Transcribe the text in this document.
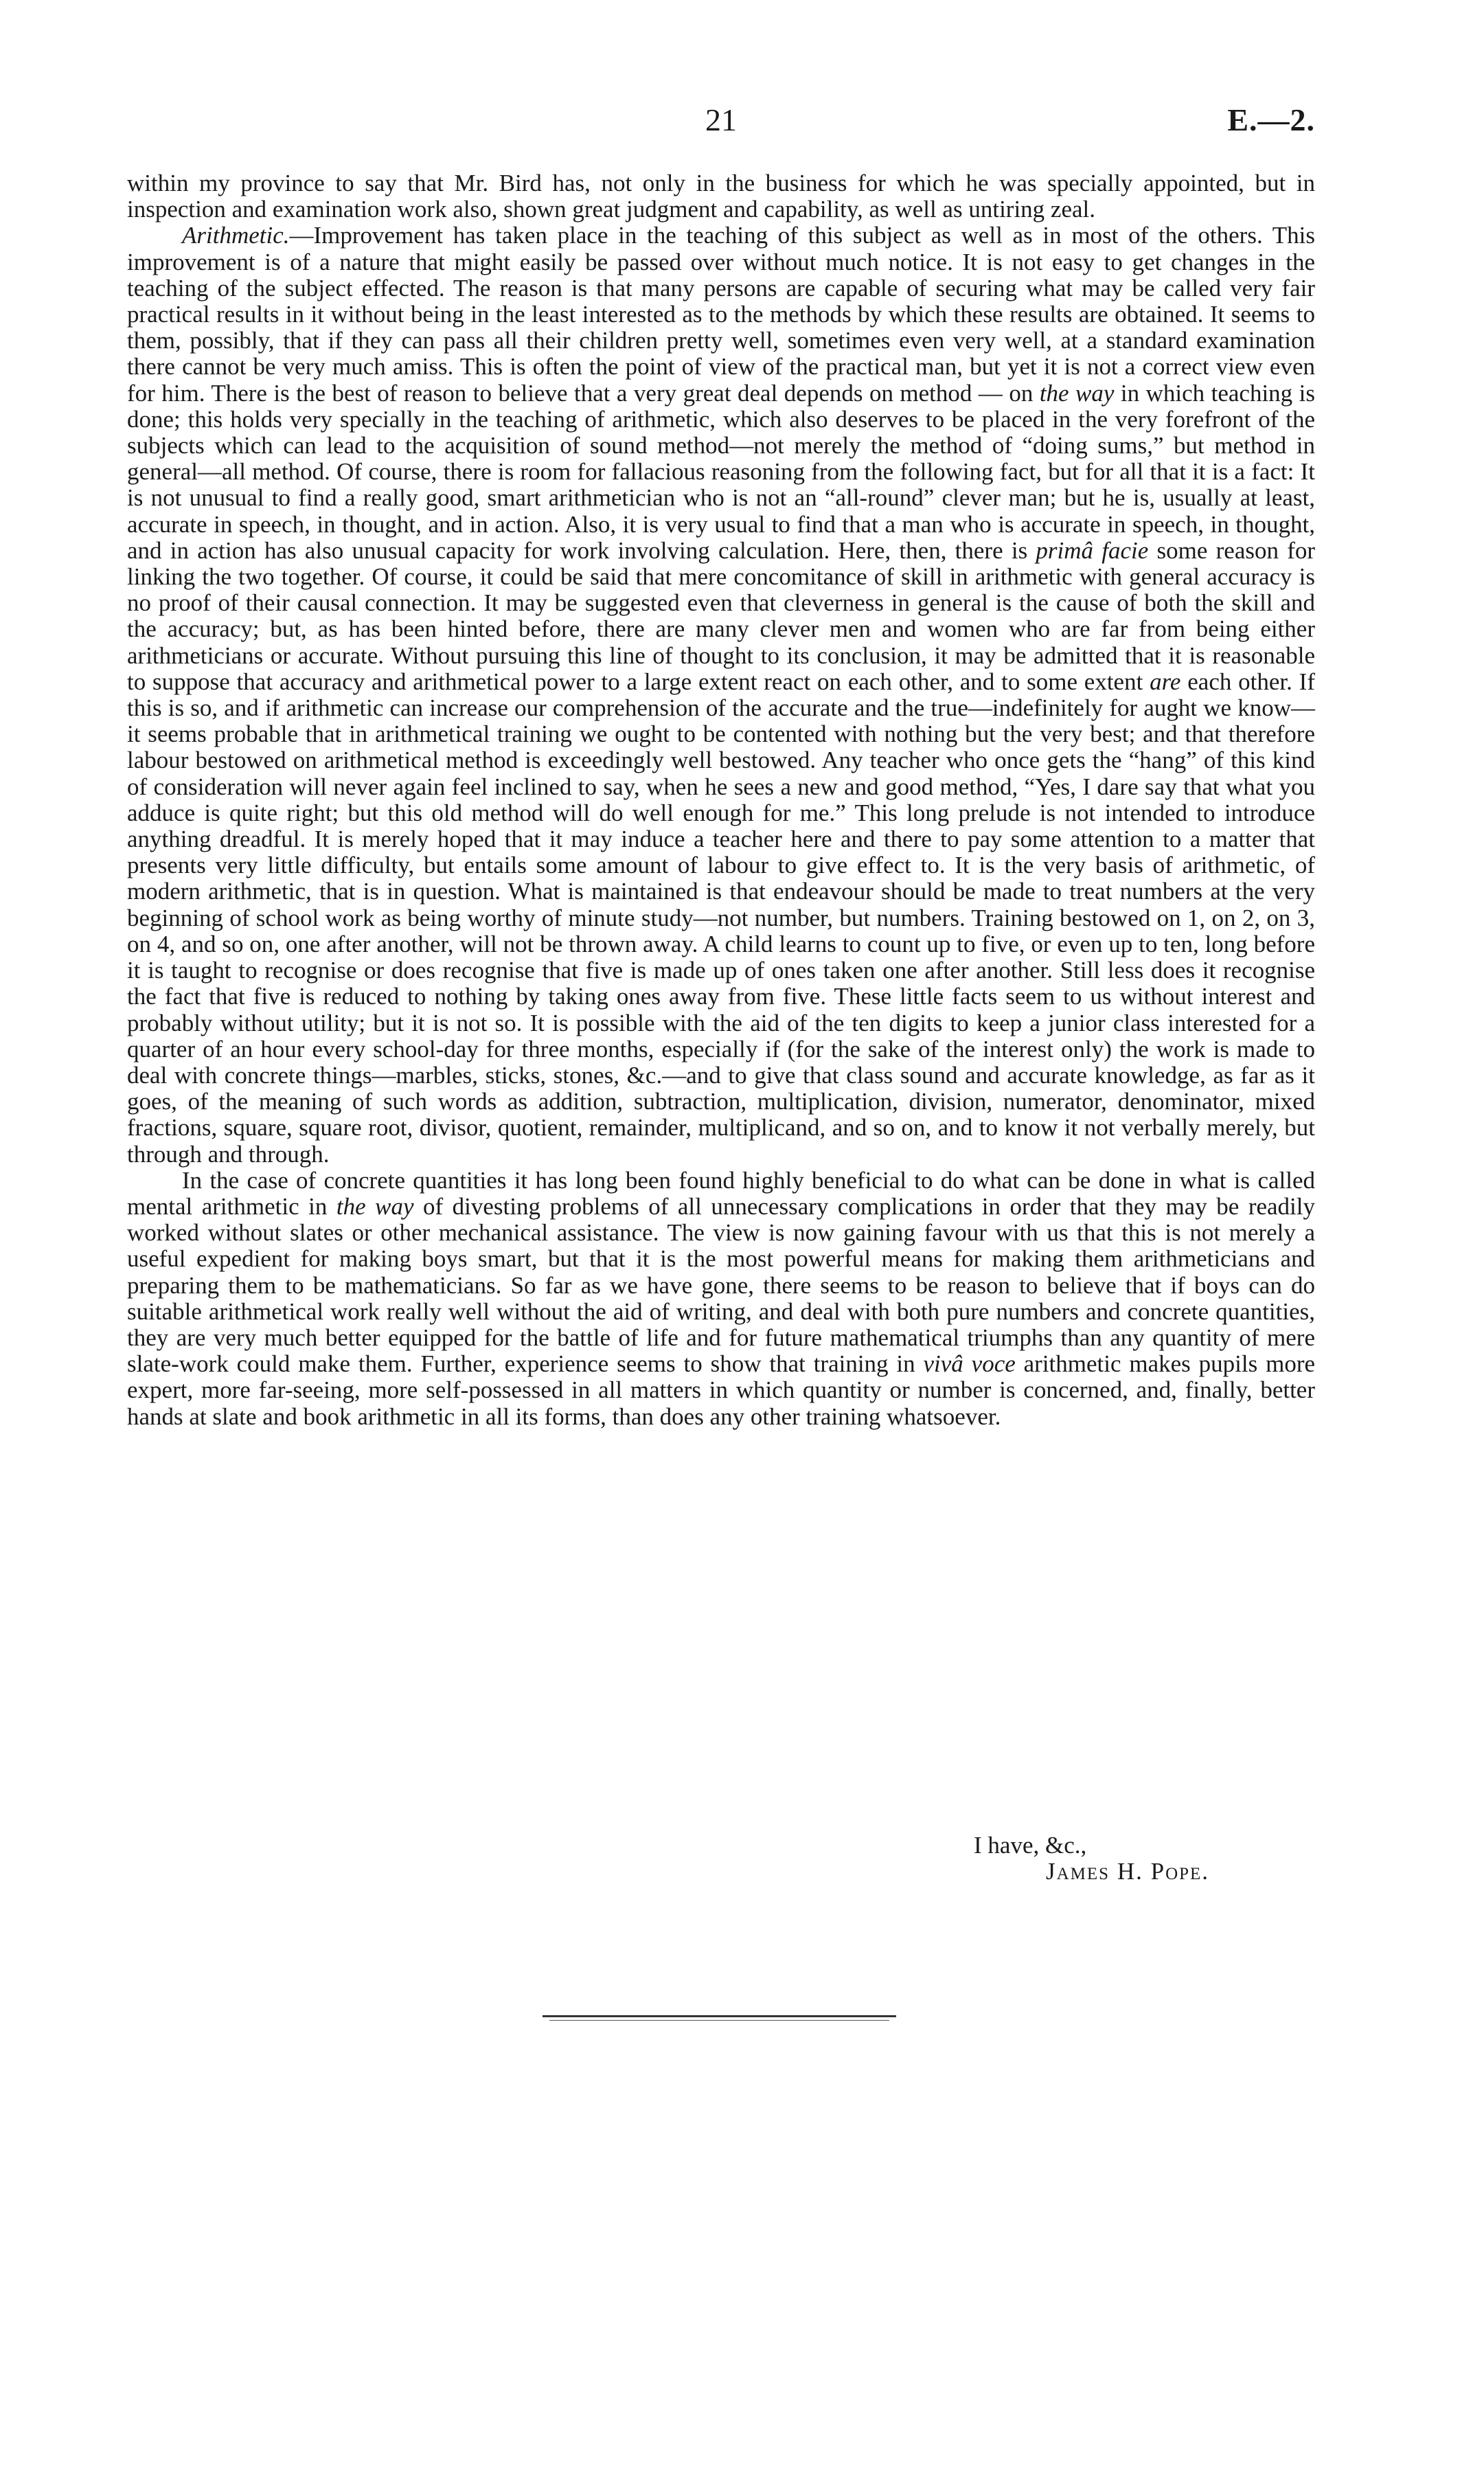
21	E.—2.

within my province to say that Mr. Bird has, not only in the business for which he was specially appointed, but in inspection and examination work also, shown great judgment and capability, as well as untiring zeal.

Arithmetic.—Improvement has taken place in the teaching of this subject as well as in most of the others. This improvement is of a nature that might easily be passed over without much notice. It is not easy to get changes in the teaching of the subject effected. The reason is that many persons are capable of securing what may be called very fair practical results in it without being in the least interested as to the methods by which these results are obtained. It seems to them, possibly, that if they can pass all their children pretty well, sometimes even very well, at a standard examination there cannot be very much amiss. This is often the point of view of the practical man, but yet it is not a correct view even for him. There is the best of reason to believe that a very great deal depends on method — on the way in which teaching is done; this holds very specially in the teaching of arithmetic, which also deserves to be placed in the very forefront of the subjects which can lead to the acquisition of sound method—not merely the method of “doing sums,” but method in general—all method. Of course, there is room for fallacious reasoning from the following fact, but for all that it is a fact: It is not unusual to find a really good, smart arithmetician who is not an “all-round” clever man; but he is, usually at least, accurate in speech, in thought, and in action. Also, it is very usual to find that a man who is accurate in speech, in thought, and in action has also unusual capacity for work involving calculation. Here, then, there is primâ facie some reason for linking the two together. Of course, it could be said that mere concomitance of skill in arithmetic with general accuracy is no proof of their causal connection. It may be suggested even that cleverness in general is the cause of both the skill and the accuracy; but, as has been hinted before, there are many clever men and women who are far from being either arithmeticians or accurate. Without pursuing this line of thought to its conclusion, it may be admitted that it is reasonable to suppose that accuracy and arithmetical power to a large extent react on each other, and to some extent are each other. If this is so, and if arithmetic can increase our comprehension of the accurate and the true—indefinitely for aught we know—it seems probable that in arithmetical training we ought to be contented with nothing but the very best; and that therefore labour bestowed on arithmetical method is exceedingly well bestowed. Any teacher who once gets the “hang” of this kind of consideration will never again feel inclined to say, when he sees a new and good method, “Yes, I dare say that what you adduce is quite right; but this old method will do well enough for me.” This long prelude is not intended to introduce anything dreadful. It is merely hoped that it may induce a teacher here and there to pay some attention to a matter that presents very little difficulty, but entails some amount of labour to give effect to. It is the very basis of arithmetic, of modern arithmetic, that is in question. What is maintained is that endeavour should be made to treat numbers at the very beginning of school work as being worthy of minute study—not number, but numbers. Training bestowed on 1, on 2, on 3, on 4, and so on, one after another, will not be thrown away. A child learns to count up to five, or even up to ten, long before it is taught to recognise or does recognise that five is made up of ones taken one after another. Still less does it recognise the fact that five is reduced to nothing by taking ones away from five. These little facts seem to us without interest and probably without utility; but it is not so. It is possible with the aid of the ten digits to keep a junior class interested for a quarter of an hour every school-day for three months, especially if (for the sake of the interest only) the work is made to deal with concrete things—marbles, sticks, stones, &c.—and to give that class sound and accurate knowledge, as far as it goes, of the meaning of such words as addition, subtraction, multiplication, division, numerator, denominator, mixed fractions, square, square root, divisor, quotient, remainder, multiplicand, and so on, and to know it not verbally merely, but through and through.

In the case of concrete quantities it has long been found highly beneficial to do what can be done in what is called mental arithmetic in the way of divesting problems of all unnecessary complications in order that they may be readily worked without slates or other mechanical assistance. The view is now gaining favour with us that this is not merely a useful expedient for making boys smart, but that it is the most powerful means for making them arithmeticians and preparing them to be mathematicians. So far as we have gone, there seems to be reason to believe that if boys can do suitable arithmetical work really well without the aid of writing, and deal with both pure numbers and concrete quantities, they are very much better equipped for the battle of life and for future mathematical triumphs than any quantity of mere slate-work could make them. Further, experience seems to show that training in vivâ voce arithmetic makes pupils more expert, more far-seeing, more self-possessed in all matters in which quantity or number is concerned, and, finally, better hands at slate and book arithmetic in all its forms, than does any other training whatsoever.

I have, &c.,
James H. Pope.
